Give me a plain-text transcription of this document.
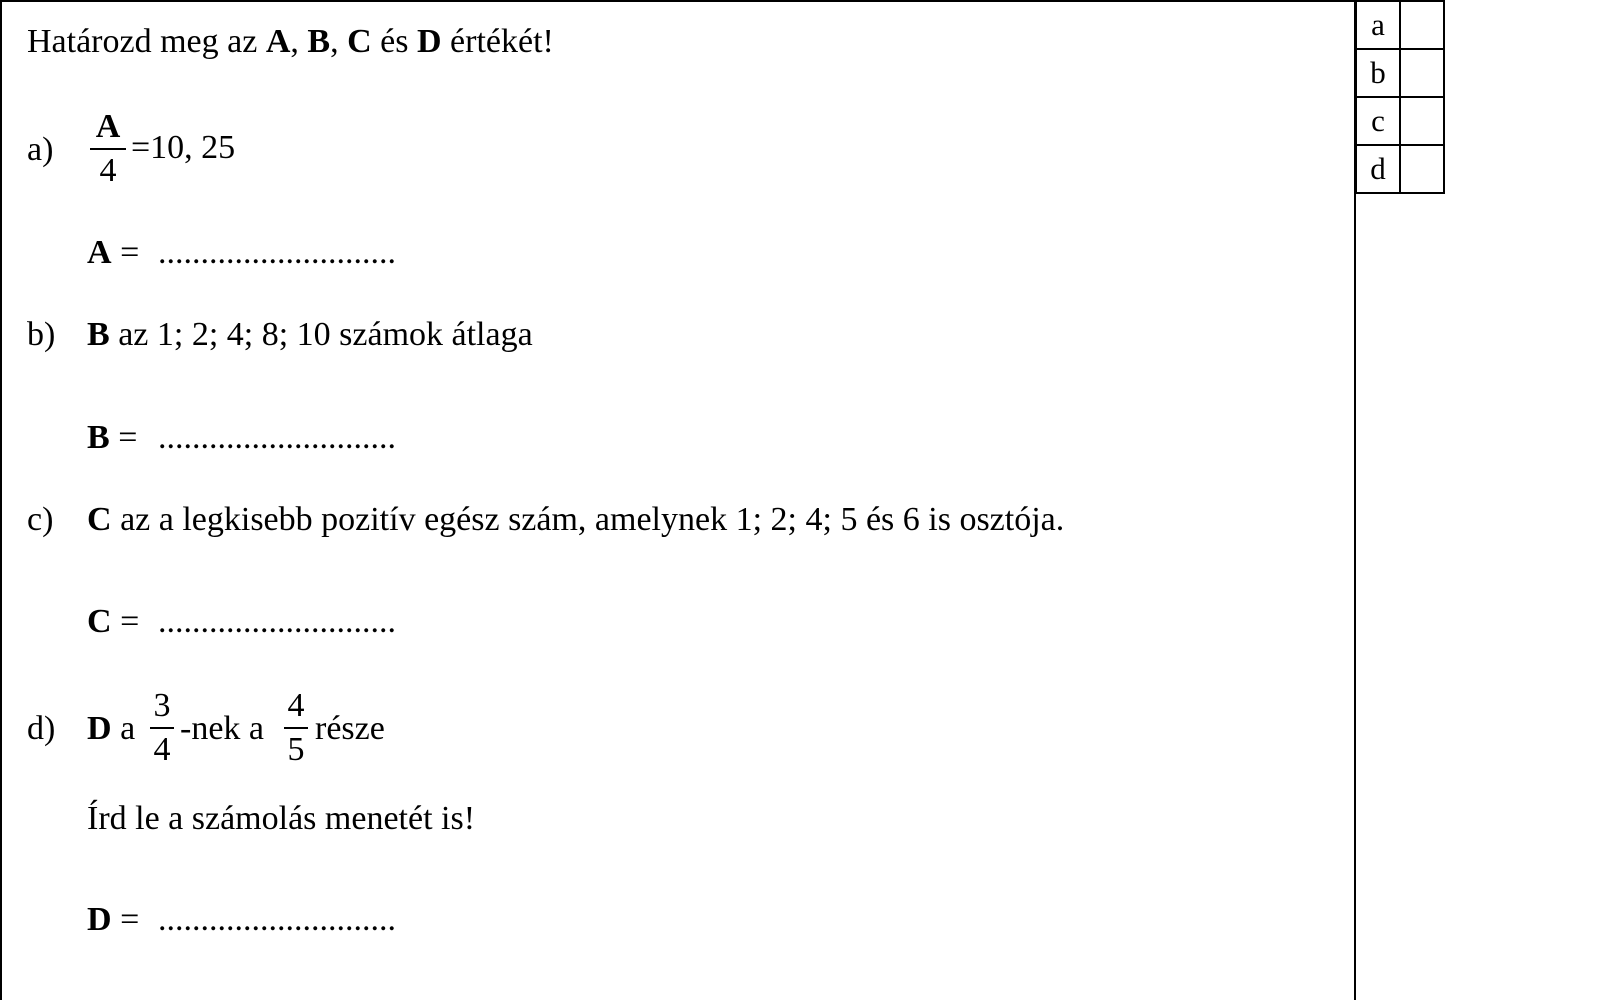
Határozd meg az A, B, C és D értékét!
a)
A
4
=10, 25
A = ............................
b) B az 1; 2; 4; 8; 10 számok átlaga
B = ............................
c) C az a legkisebb pozitív egész szám, amelynek 1; 2; 4; 5 és 6 is osztója.
C = ............................
d) D a
3
4
-nek a
4
5
része
Írd le a számolás menetét is!
D = ............................
a	
b	
c	
d	
